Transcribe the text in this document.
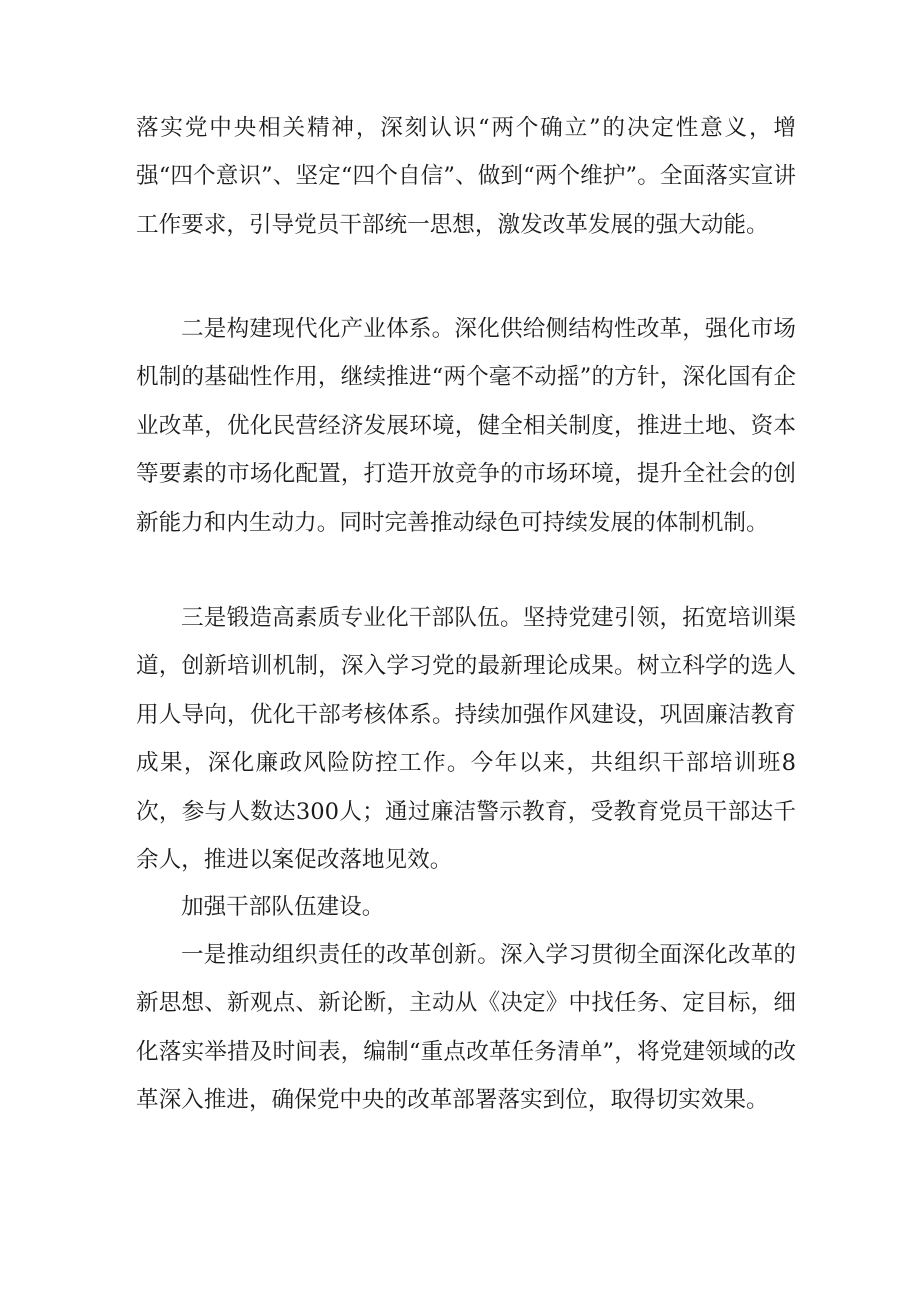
落实党中央相关精神，深刻认识“两个确立”的决定性意义，增强“四个意识”、坚定“四个自信”、做到“两个维护”。全面落实宣讲工作要求，引导党员干部统一思想，激发改革发展的强大动能。

二是构建现代化产业体系。深化供给侧结构性改革，强化市场机制的基础性作用，继续推进“两个毫不动摇”的方针，深化国有企业改革，优化民营经济发展环境，健全相关制度，推进土地、资本等要素的市场化配置，打造开放竞争的市场环境，提升全社会的创新能力和内生动力。同时完善推动绿色可持续发展的体制机制。

三是锻造高素质专业化干部队伍。坚持党建引领，拓宽培训渠道，创新培训机制，深入学习党的最新理论成果。树立科学的选人用人导向，优化干部考核体系。持续加强作风建设，巩固廉洁教育成果，深化廉政风险防控工作。今年以来，共组织干部培训班8次，参与人数达300人；通过廉洁警示教育，受教育党员干部达千余人，推进以案促改落地见效。

加强干部队伍建设。

一是推动组织责任的改革创新。深入学习贯彻全面深化改革的新思想、新观点、新论断，主动从《决定》中找任务、定目标，细化落实举措及时间表，编制“重点改革任务清单”，将党建领域的改革深入推进，确保党中央的改革部署落实到位，取得切实效果。
